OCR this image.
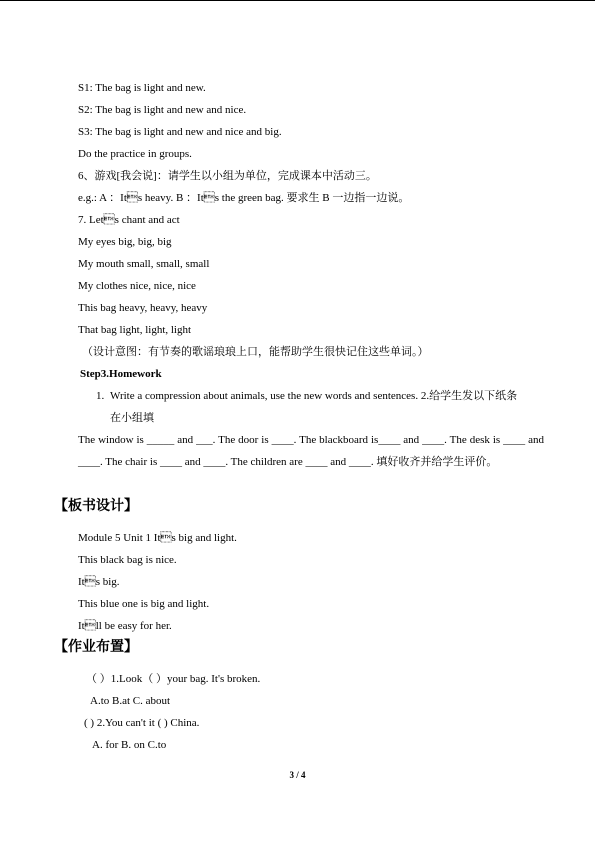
S1: The bag is light and new.
S2: The bag is light and new and nice.
S3: The bag is light and new and nice and big.
Do the practice in groups.
6、游戏[我会说]：请学生以小组为单位，完成课本中活动三。
e.g.: A ：Its heavy. B ：Its the green bag. 要求生 B 一边指一边说。
7. Lets chant and act
My eyes big, big, big
My mouth small, small, small
My clothes nice, nice, nice
This bag heavy, heavy, heavy
That bag light, light, light
（设计意图：有节奏的歌谣琅琅上口，能帮助学生很快记住这些单词。）
Step3.Homework
1. Write a compression about animals, use the new words and sentences. 2.给学生发以下纸条
在小组填
The window is _____ and ___. The door is ____. The blackboard is____ and ____. The desk is ____ and ____. The chair is ____ and ____. The children are ____ and ____. 填好收齐并给学生评价。
【板书设计】
Module 5 Unit 1 Its big and light.
This black bag is nice.
Its big.
This blue one is big and light.
Itll be easy for her.
【作业布置】
（ ）1.Look（ ）your bag. It's broken.
A.to B.at C. about
( ) 2.You can't it ( ) China.
A. for B. on C.to
3 / 4
